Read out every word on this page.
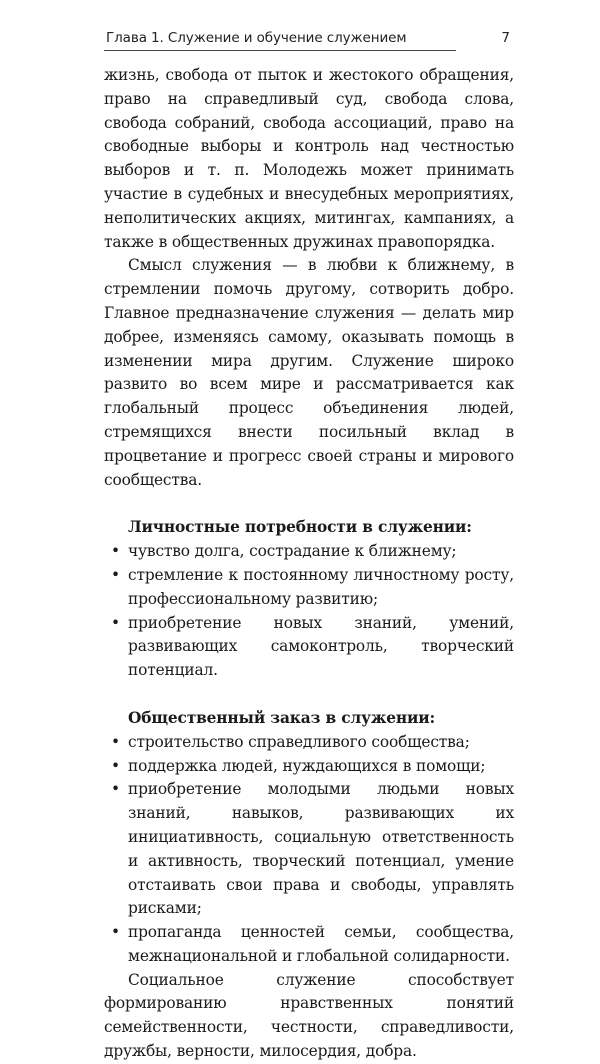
Глава 1. Служение и обучение служением	7

жизнь, свобода от пыток и жестокого обращения, право на справедливый суд, свобода слова, свобода собраний, свобода ассоциаций, право на свободные выборы и контроль над честностью выборов и т. п. Молодежь может принимать участие в судебных и внесудебных мероприятиях, неполитических акциях, митингах, кампаниях, а также в общественных дружинах правопорядка.

Смысл служения — в любви к ближнему, в стремлении помочь другому, сотворить добро. Главное предназначение служения — делать мир добрее, изменяясь самому, оказывать помощь в изменении мира другим. Служение широко развито во всем мире и рассматривается как глобальный процесс объединения людей, стремящихся внести посильный вклад в процветание и прогресс своей страны и мирового сообщества.

Личностные потребности в служении:
• чувство долга, сострадание к ближнему;
• стремление к постоянному личностному росту, профессиональному развитию;
• приобретение новых знаний, умений, развивающих самоконтроль, творческий потенциал.
Общественный заказ в служении:
• строительство справедливого сообщества;
• поддержка людей, нуждающихся в помощи;
• приобретение молодыми людьми новых знаний, навыков, развивающих их инициативность, социальную ответственность и активность, творческий потенциал, умение отстаивать свои права и свободы, управлять рисками;
• пропаганда ценностей семьи, сообщества, межнациональной и глобальной солидарности.

Социальное служение способствует формированию нравственных понятий семейственности, честности, справедливости, дружбы, верности, милосердия, добра.
